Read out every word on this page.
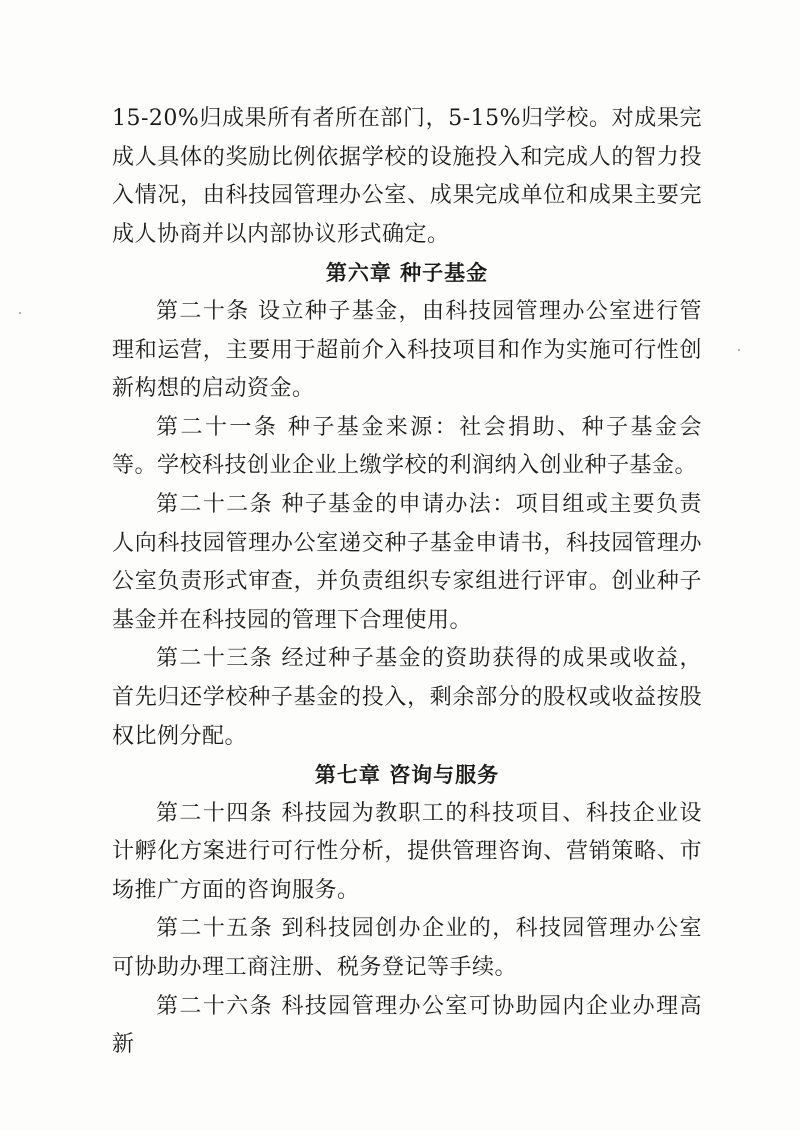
15-20%归成果所有者所在部门，5-15%归学校。对成果完成人具体的奖励比例依据学校的设施投入和完成人的智力投入情况，由科技园管理办公室、成果完成单位和成果主要完成人协商并以内部协议形式确定。

第六章 种子基金

第二十条 设立种子基金，由科技园管理办公室进行管理和运营，主要用于超前介入科技项目和作为实施可行性创新构想的启动资金。

第二十一条 种子基金来源：社会捐助、种子基金会等。学校科技创业企业上缴学校的利润纳入创业种子基金。

第二十二条 种子基金的申请办法：项目组或主要负责人向科技园管理办公室递交种子基金申请书，科技园管理办公室负责形式审查，并负责组织专家组进行评审。创业种子基金并在科技园的管理下合理使用。

第二十三条 经过种子基金的资助获得的成果或收益，首先归还学校种子基金的投入，剩余部分的股权或收益按股权比例分配。

第七章 咨询与服务

第二十四条 科技园为教职工的科技项目、科技企业设计孵化方案进行可行性分析，提供管理咨询、营销策略、市场推广方面的咨询服务。

第二十五条 到科技园创办企业的，科技园管理办公室可协助办理工商注册、税务登记等手续。

第二十六条 科技园管理办公室可协助园内企业办理高新
